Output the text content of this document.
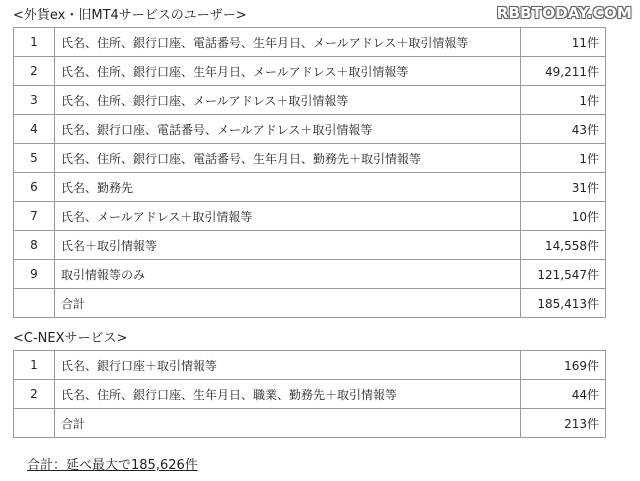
RBBTODAY.COM
<外貨ex・旧MT4サービスのユーザー>
1	氏名、住所、銀行口座、電話番号、生年月日、メールアドレス＋取引情報等	11件
2	氏名、住所、銀行口座、生年月日、メールアドレス＋取引情報等	49,211件
3	氏名、住所、銀行口座、メールアドレス＋取引情報等	1件
4	氏名、銀行口座、電話番号、メールアドレス＋取引情報等	43件
5	氏名、住所、銀行口座、電話番号、生年月日、勤務先＋取引情報等	1件
6	氏名、勤務先	31件
7	氏名、メールアドレス＋取引情報等	10件
8	氏名＋取引情報等	14,558件
9	取引情報等のみ	121,547件
	合計	185,413件
<C-NEXサービス>
1	氏名、銀行口座＋取引情報等	169件
2	氏名、住所、銀行口座、生年月日、職業、勤務先＋取引情報等	44件
	合計	213件
合計：延べ最大で185,626件
